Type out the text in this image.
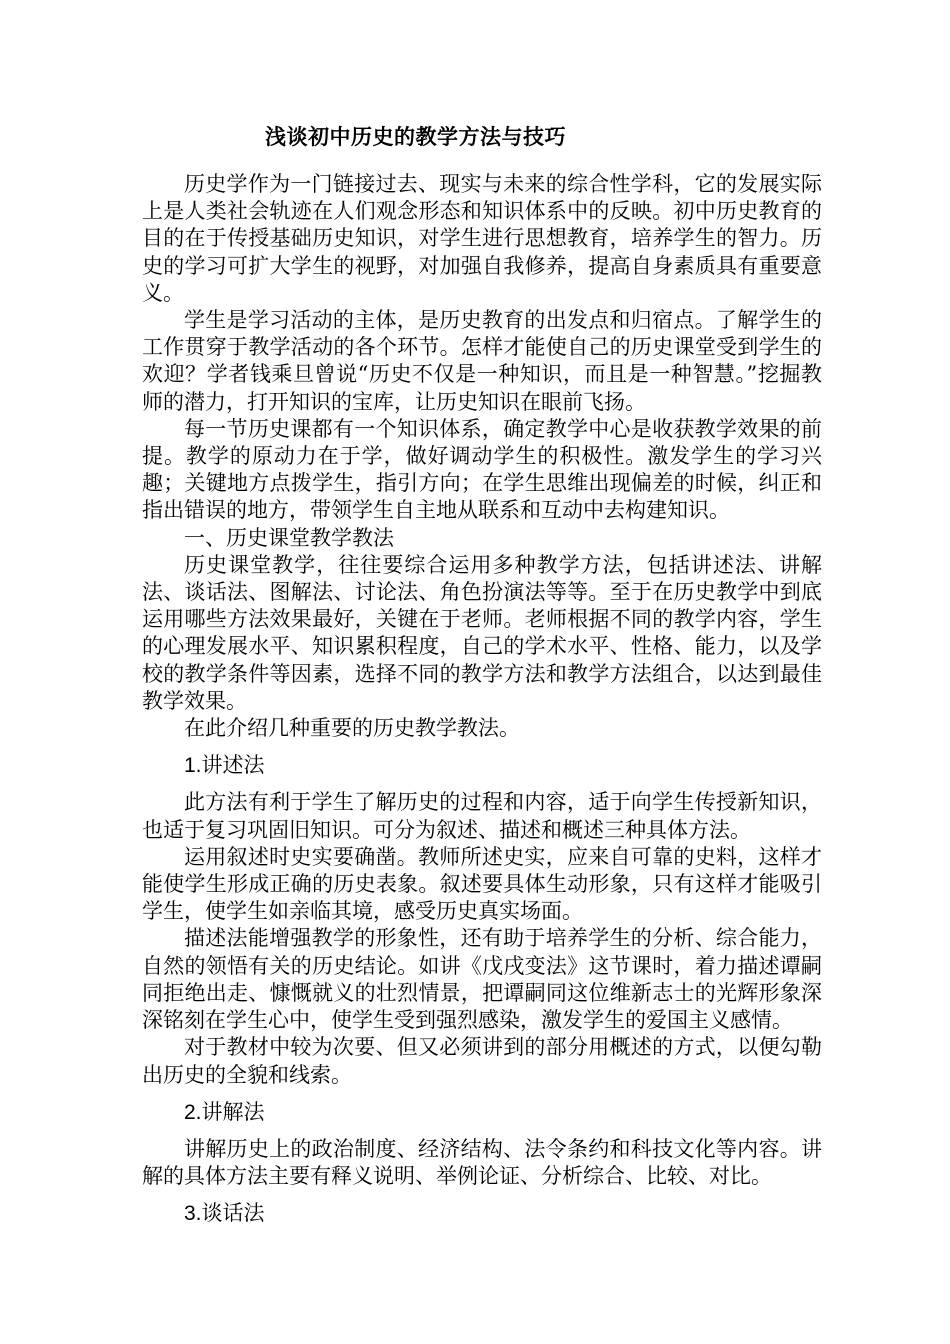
浅谈初中历史的教学方法与技巧

历史学作为一门链接过去、现实与未来的综合性学科，它的发展实际上是人类社会轨迹在人们观念形态和知识体系中的反映。初中历史教育的目的在于传授基础历史知识，对学生进行思想教育，培养学生的智力。历史的学习可扩大学生的视野，对加强自我修养，提高自身素质具有重要意义。

学生是学习活动的主体，是历史教育的出发点和归宿点。了解学生的工作贯穿于教学活动的各个环节。怎样才能使自己的历史课堂受到学生的欢迎？学者钱乘旦曾说“历史不仅是一种知识，而且是一种智慧。”挖掘教师的潜力，打开知识的宝库，让历史知识在眼前飞扬。

每一节历史课都有一个知识体系，确定教学中心是收获教学效果的前提。教学的原动力在于学，做好调动学生的积极性。激发学生的学习兴趣；关键地方点拨学生，指引方向；在学生思维出现偏差的时候，纠正和指出错误的地方，带领学生自主地从联系和互动中去构建知识。

一、历史课堂教学教法

历史课堂教学，往往要综合运用多种教学方法，包括讲述法、讲解法、谈话法、图解法、讨论法、角色扮演法等等。至于在历史教学中到底运用哪些方法效果最好，关键在于老师。老师根据不同的教学内容，学生的心理发展水平、知识累积程度，自己的学术水平、性格、能力，以及学校的教学条件等因素，选择不同的教学方法和教学方法组合，以达到最佳教学效果。

在此介绍几种重要的历史教学教法。

1.讲述法

此方法有利于学生了解历史的过程和内容，适于向学生传授新知识，也适于复习巩固旧知识。可分为叙述、描述和概述三种具体方法。

运用叙述时史实要确凿。教师所述史实，应来自可靠的史料，这样才能使学生形成正确的历史表象。叙述要具体生动形象，只有这样才能吸引学生，使学生如亲临其境，感受历史真实场面。

描述法能增强教学的形象性，还有助于培养学生的分析、综合能力，自然的领悟有关的历史结论。如讲《戊戌变法》这节课时，着力描述谭嗣同拒绝出走、慷慨就义的壮烈情景，把谭嗣同这位维新志士的光辉形象深深铭刻在学生心中，使学生受到强烈感染，激发学生的爱国主义感情。

对于教材中较为次要、但又必须讲到的部分用概述的方式，以便勾勒出历史的全貌和线索。

2.讲解法

讲解历史上的政治制度、经济结构、法令条约和科技文化等内容。讲解的具体方法主要有释义说明、举例论证、分析综合、比较、对比。

3.谈话法
